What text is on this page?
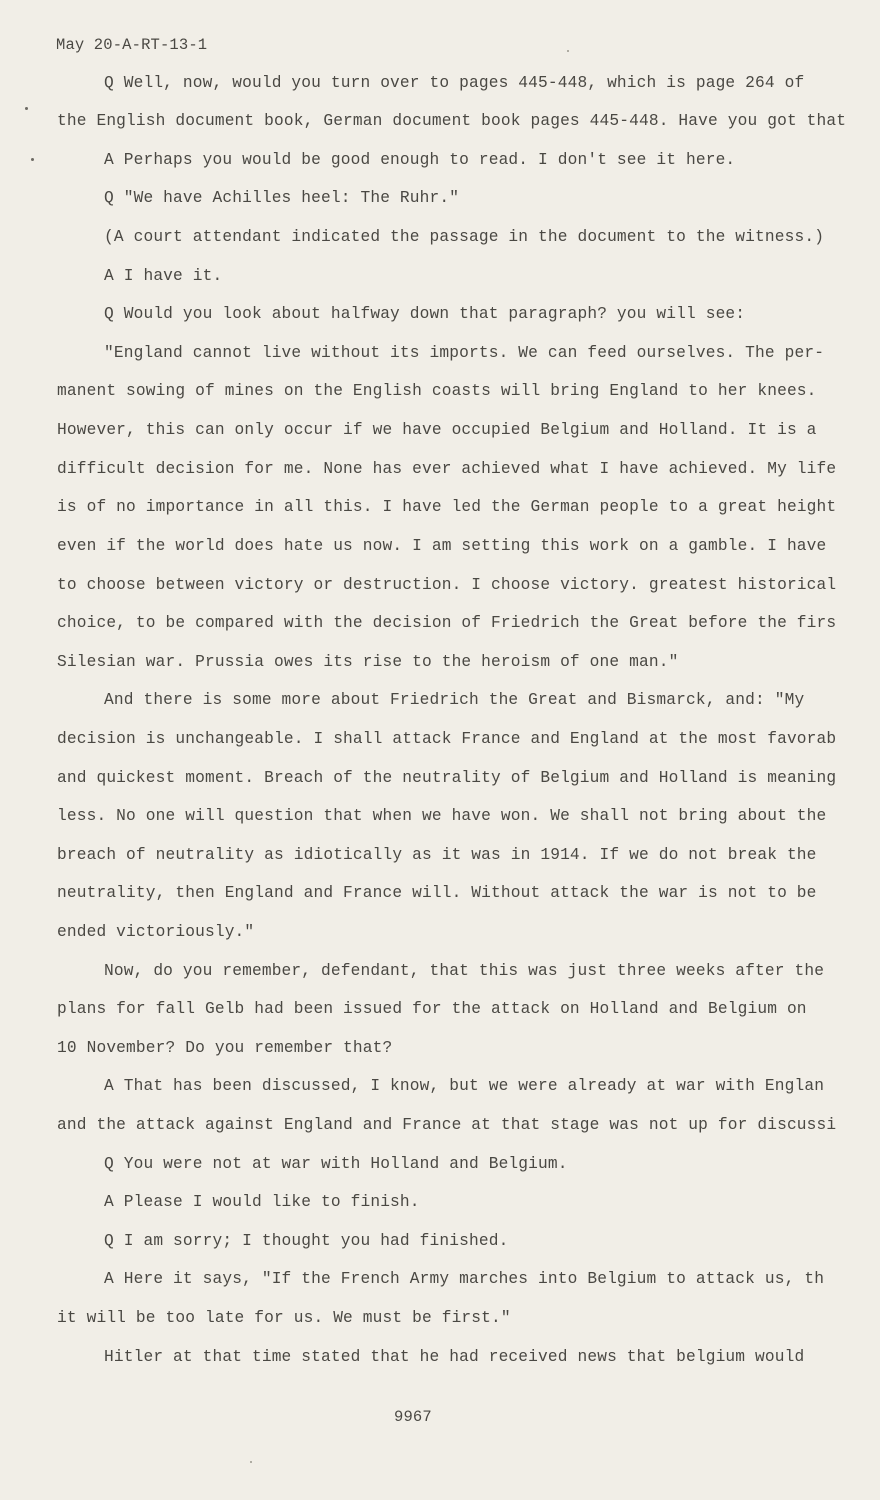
May 20-A-RT-13-1
Q Well, now, would you turn over to pages 445-448, which is page 264 of
the English document book, German document book pages 445-448. Have you got that
A Perhaps you would be good enough to read. I don't see it here.
Q "We have Achilles heel: The Ruhr."
(A court attendant indicated the passage in the document to the witness.)
A I have it.
Q Would you look about halfway down that paragraph? you will see:
"England cannot live without its imports. We can feed ourselves. The per-
manent sowing of mines on the English coasts will bring England to her knees.
However, this can only occur if we have occupied Belgium and Holland. It is a
difficult decision for me. None has ever achieved what I have achieved. My life
is of no importance in all this. I have led the German people to a great height
even if the world does hate us now. I am setting this work on a gamble. I have
to choose between victory or destruction. I choose victory. greatest historical
choice, to be compared with the decision of Friedrich the Great before the firs
Silesian war. Prussia owes its rise to the heroism of one man."
And there is some more about Friedrich the Great and Bismarck, and: "My
decision is unchangeable. I shall attack France and England at the most favorab
and quickest moment. Breach of the neutrality of Belgium and Holland is meaning
less. No one will question that when we have won. We shall not bring about the
breach of neutrality as idiotically as it was in 1914. If we do not break the
neutrality, then England and France will. Without attack the war is not to be
ended victoriously."
Now, do you remember, defendant, that this was just three weeks after the
plans for fall Gelb had been issued for the attack on Holland and Belgium on
10 November? Do you remember that?
A That has been discussed, I know, but we were already at war with Englan
and the attack against England and France at that stage was not up for discussi
Q You were not at war with Holland and Belgium.
A Please I would like to finish.
Q I am sorry; I thought you had finished.
A Here it says, "If the French Army marches into Belgium to attack us, th
it will be too late for us. We must be first."
Hitler at that time stated that he had received news that belgium would
9967
